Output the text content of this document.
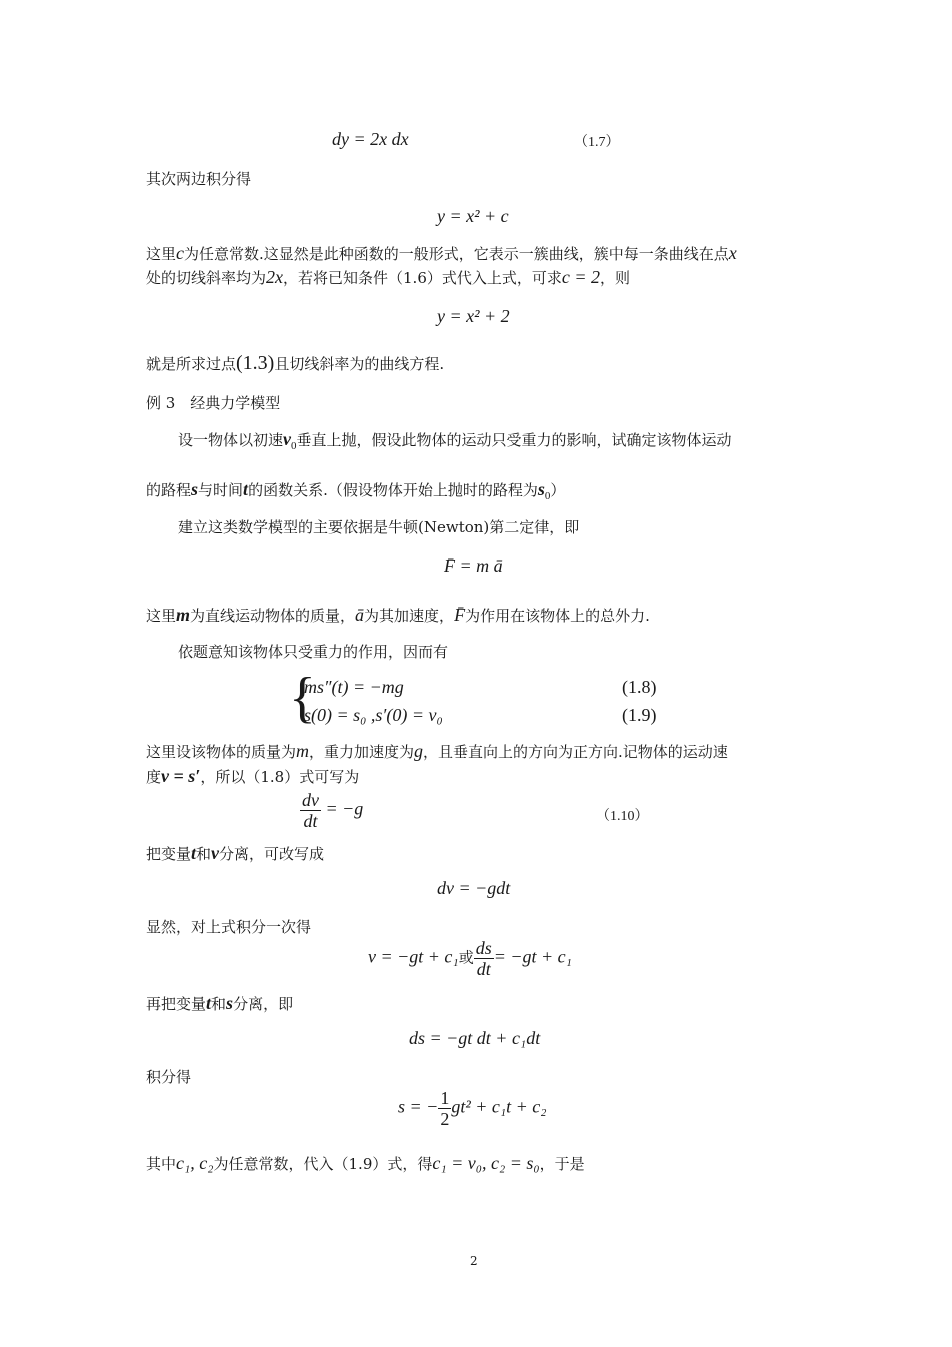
dy = 2x dx	（1.7）
其次两边积分得
y = x² + c
这里c为任意常数.这显然是此种函数的一般形式，它表示一簇曲线，簇中每一条曲线在点x
处的切线斜率均为2x，若将已知条件（1.6）式代入上式，可求c = 2，则
y = x² + 2
就是所求过点(1.3)且切线斜率为的曲线方程.
例 3　经典力学模型
设一物体以初速$v_0$垂直上抛，假设此物体的运动只受重力的影响，试确定该物体运动
的路程s与时间t的函数关系.（假设物体开始上抛时的路程为$s_0$）
建立这类数学模型的主要依据是牛顿(Newton)第二定律，即
F̄ = m ā
这里m为直线运动物体的质量，ā为其加速度，F̄为作用在该物体上的总外力.
依题意知该物体只受重力的作用，因而有
{
ms″(t) = −mg	(1.8)
s(0) = s₀ ,s′(0) = v₀	(1.9)
这里设该物体的质量为m，重力加速度为g，且垂直向上的方向为正方向.记物体的运动速
度v = s′，所以（1.8）式可写为
$\frac{dv}{dt} = -g$	（1.10）
把变量t和v分离，可改写成
dv = −gdt
显然，对上式积分一次得
v = −gt + c₁或 $\frac{ds}{dt} = -gt + c_1$
再把变量t和s分离，即
ds = −gt dt + c₁dt
积分得
s = − $\frac{1}{2} gt^2 + c_1t + c_2$
其中c₁, c₂为任意常数，代入（1.9）式，得c₁ = v₀, c₂ = s₀，于是
2
